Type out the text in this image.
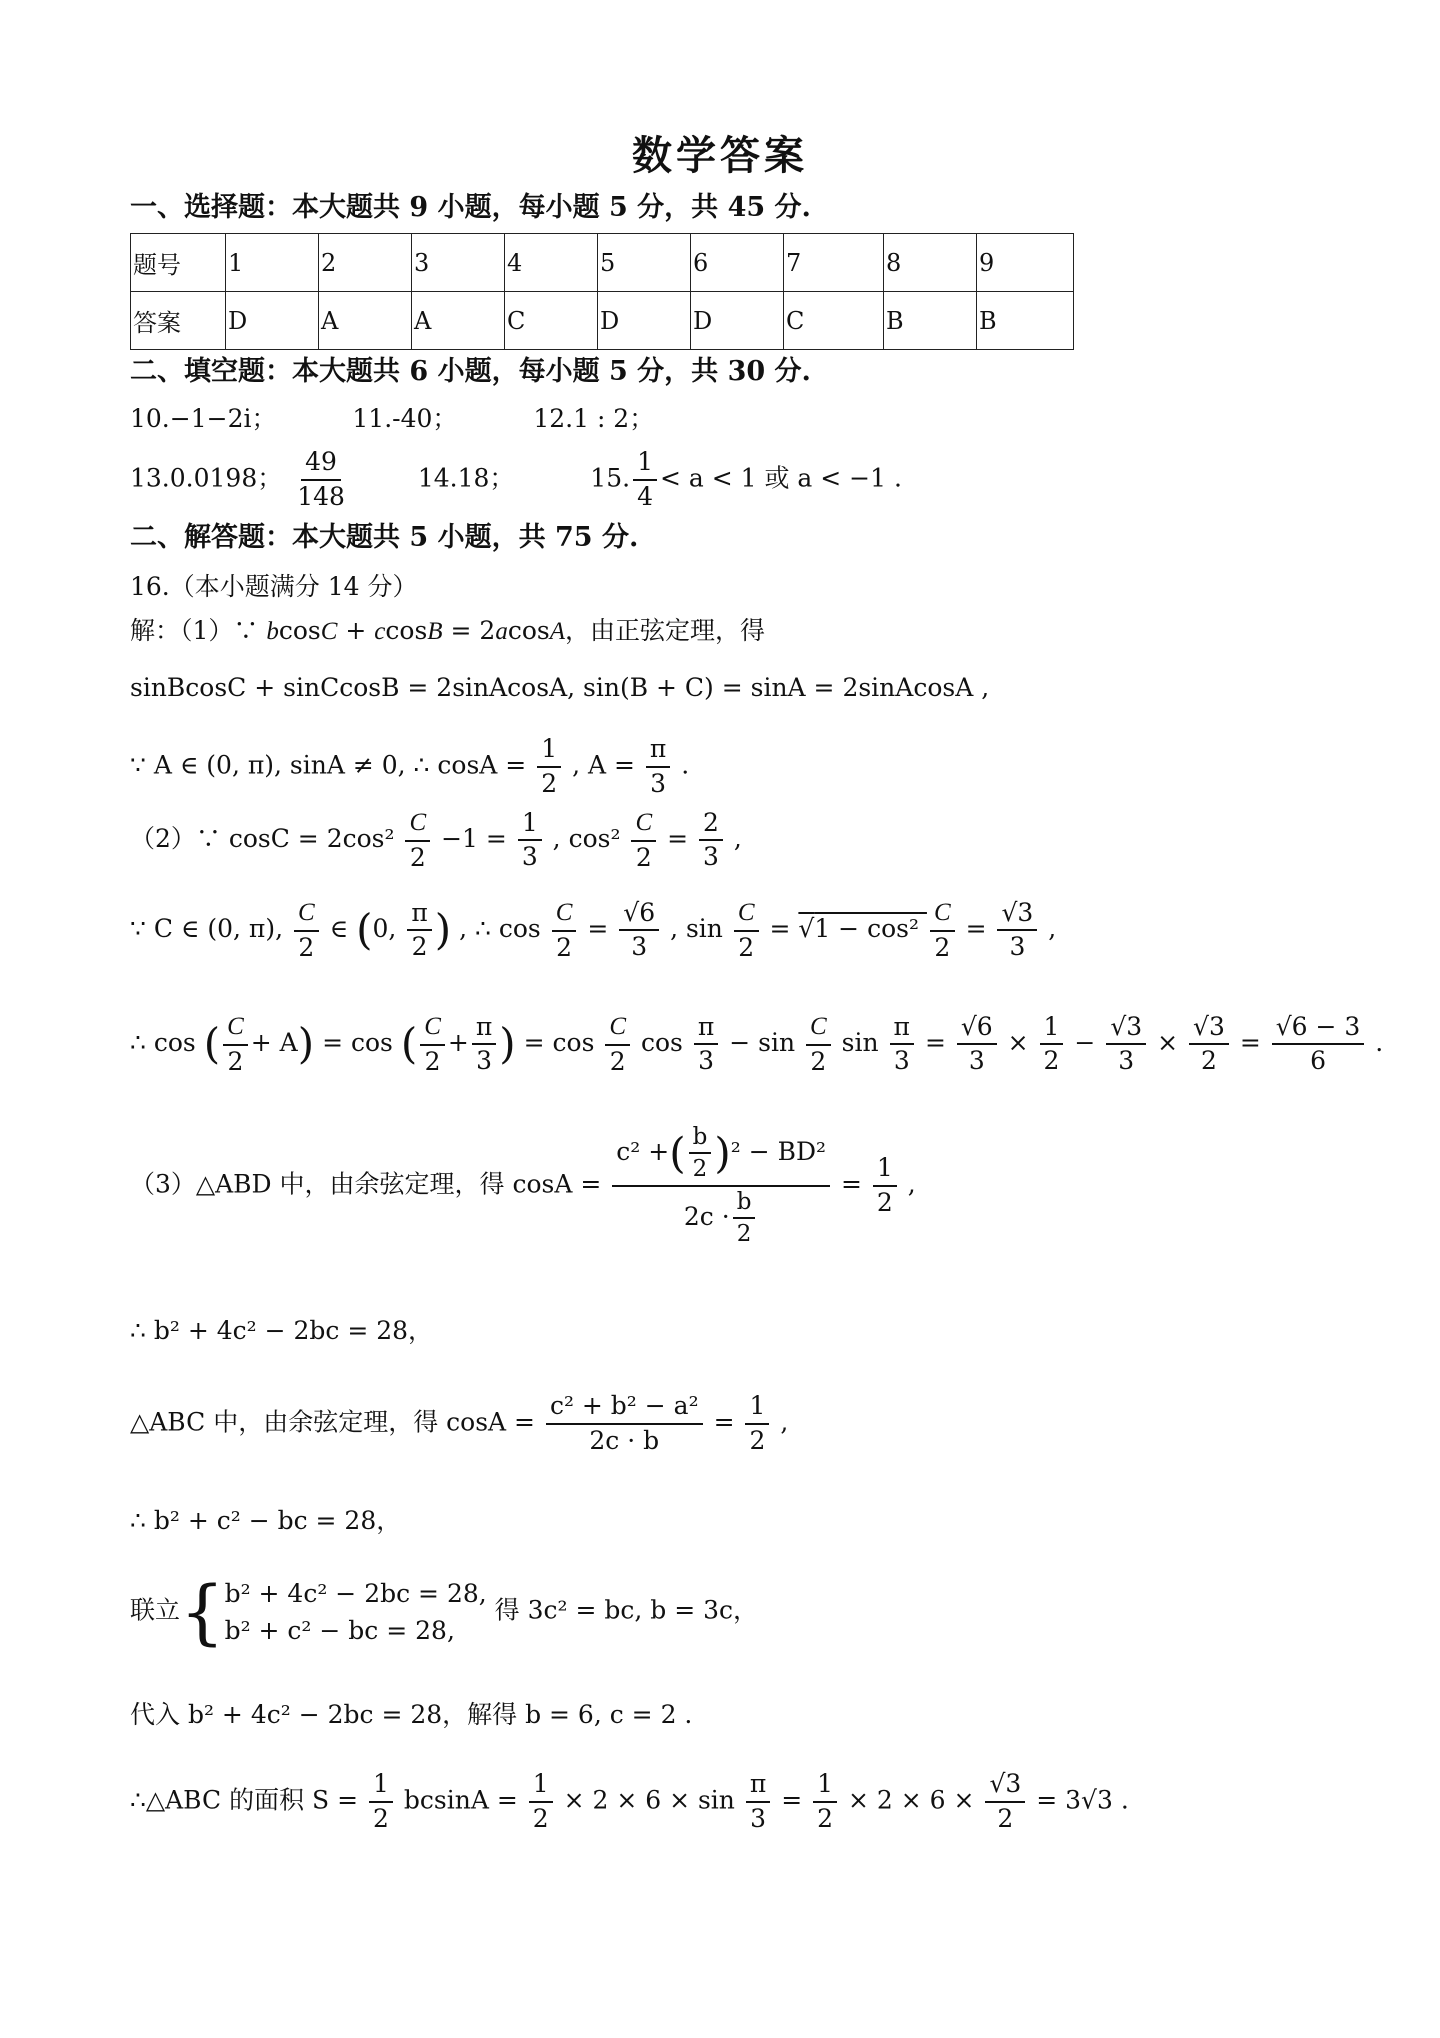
数学答案
一、选择题：本大题共 9 小题，每小题 5 分，共 45 分.
题号	1	2	3	4	5	6	7	8	9
答案	D	A	A	C	D	D	C	B	B
二、填空题：本大题共 6 小题，每小题 5 分，共 30 分.
10.−1−2i；	11.-40；	12.1 : 2；
13.0.0198； $\frac{49}{148}$	14.18；	15. $\frac{1}{4} < a < 1$ 或 a < −1 .
二、解答题：本大题共 5 小题，共 75 分.
16.（本小题满分 14 分）
解：（1）∵ bcosC + ccosB = 2acosA，由正弦定理，得
sinBcosC + sinCcosB = 2sinAcosA, sin(B + C) = sinA = 2sinAcosA ,
∵ A ∈ (0, π), sinA ≠ 0, ∴ $\cos A = \frac{1}{2}$ , $A = \frac{\pi}{3}$ .
（2）∵ $\cos C = 2\cos^2 \frac{C}{2} -1 = \frac{1}{3}$ , $\cos^2 \frac{C}{2} = \frac{2}{3}$ ,
∵ C ∈ (0, π), $\frac{C}{2}$ ∈ (0, $\frac{\pi}{2}$ ) , ∴ $\cos \frac{C}{2} = \frac{√6}{3}$ , $\sin \frac{C}{2} = √1 - \cos^2 \frac{C}{2} = \frac{√3}{3}$ ,
∴ cos ( $\frac{C}{2} + A) = \cos$ ( $\frac{C}{2} + \frac{\pi}{3}$ ) = $\cos \frac{C}{2}$ $\cos \frac{\pi}{3} - \sin \frac{C}{2}$ $\sin \frac{\pi}{3} = \frac{√6}{3} \times \frac{1}{2} - \frac{√3}{3} \times \frac{√3}{2} = \frac{√6 - 3}{6}$ .
（3）△ABD 中，由余弦定理，得 $\cos A = \frac{c^2 +( \frac{b}{2} )^2 - BD^2}{2c \cdot \frac{b}{2}} = \frac{1}{2}$ ,
∴ b² + 4c² − 2bc = 28，
△ABC 中，由余弦定理，得 $\cos A = \frac{\text{c² + b² − a²}}{2c \cdot b} = \frac{1}{2}$ ,
∴ b² + c² − bc = 28，
联立{ b² + 4c² − 2bc = 28,
b² + c² − bc = 28,
得 3c² = bc, b = 3c，
代入 b² + 4c² − 2bc = 28，解得 b = 6, c = 2 .
∴△ABC 的面积 $S = \frac{1}{2}$ $bcsinA = \frac{1}{2} \times 2 \times 6 \times \sin \frac{\pi}{3} = \frac{1}{2} \times 2 \times 6 \times \frac{√3}{2} = 3√3$ .
